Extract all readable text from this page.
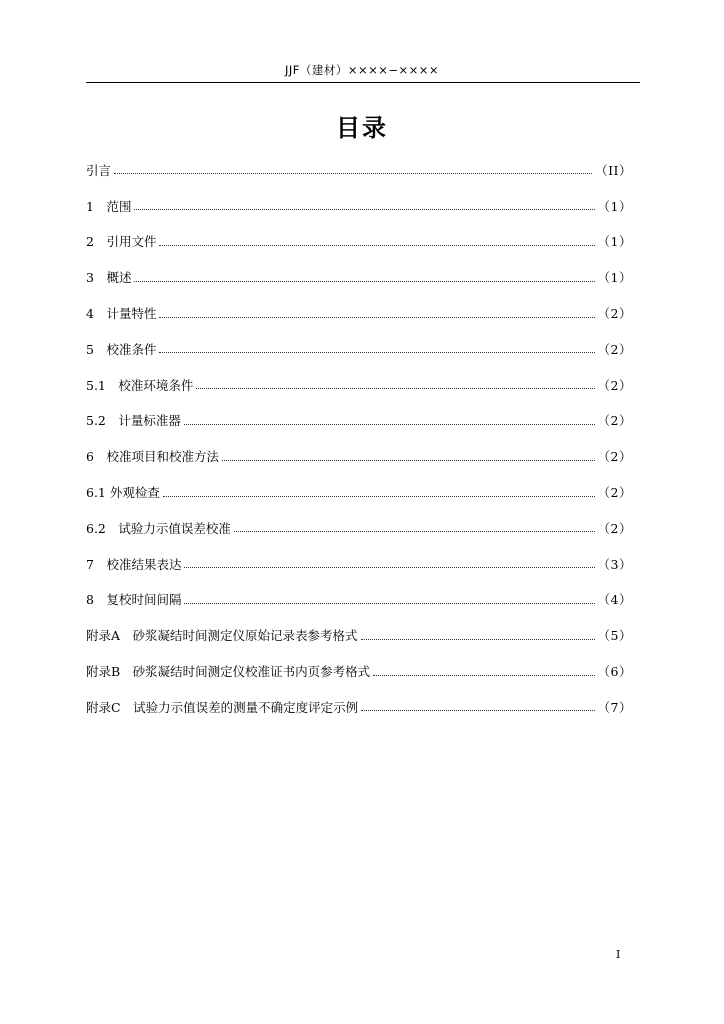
JJF（建材）××××−××××
目录
引言	（II）
1　范围	（1）
2　引用文件	（1）
3　概述	（1）
4　计量特性	（2）
5　校准条件	（2）
5.1　校准环境条件	（2）
5.2　计量标准器	（2）
6　校准项目和校准方法	（2）
6.1 外观检查	（2）
6.2　试验力示值误差校准	（2）
7　校准结果表达	（3）
8　复校时间间隔	（4）
附录A　砂浆凝结时间测定仪原始记录表参考格式	（5）
附录B　砂浆凝结时间测定仪校准证书内页参考格式	（6）
附录C　试验力示值误差的测量不确定度评定示例	（7）
I
